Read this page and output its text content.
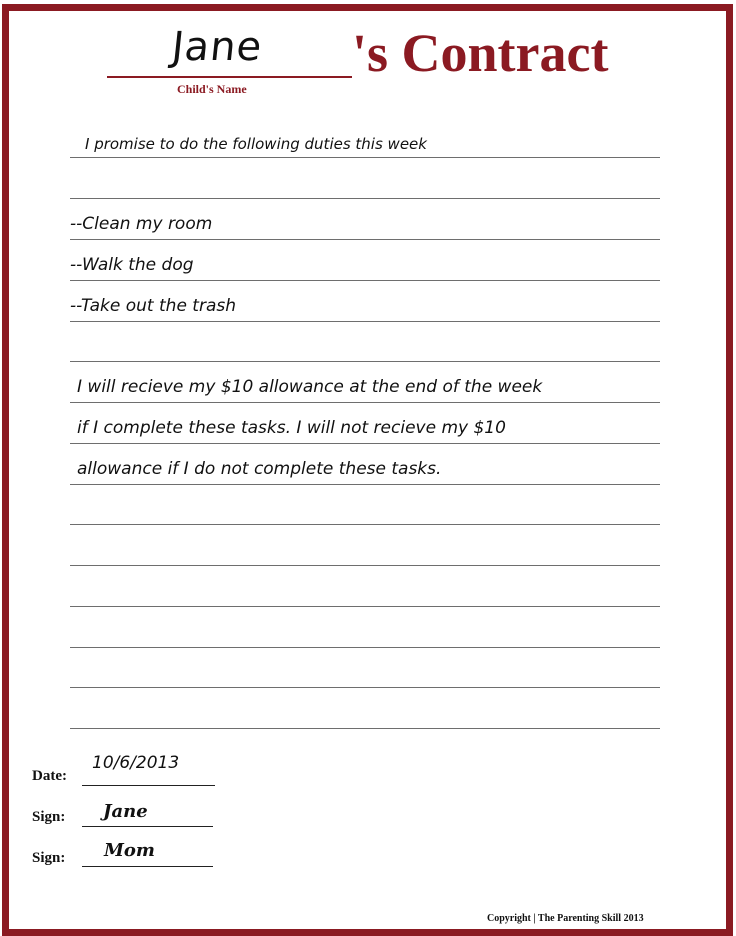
Jane 's Contract
Child's Name
I promise to do the following duties this week
--Clean my room
--Walk the dog
--Take out the trash
I will recieve my $10 allowance at the end of the week
if I complete these tasks. I will not recieve my $10
allowance if I do not complete these tasks.
Date:
10/6/2013
Sign: Jane
Sign: Mom
Copyright | The Parenting Skill 2013
